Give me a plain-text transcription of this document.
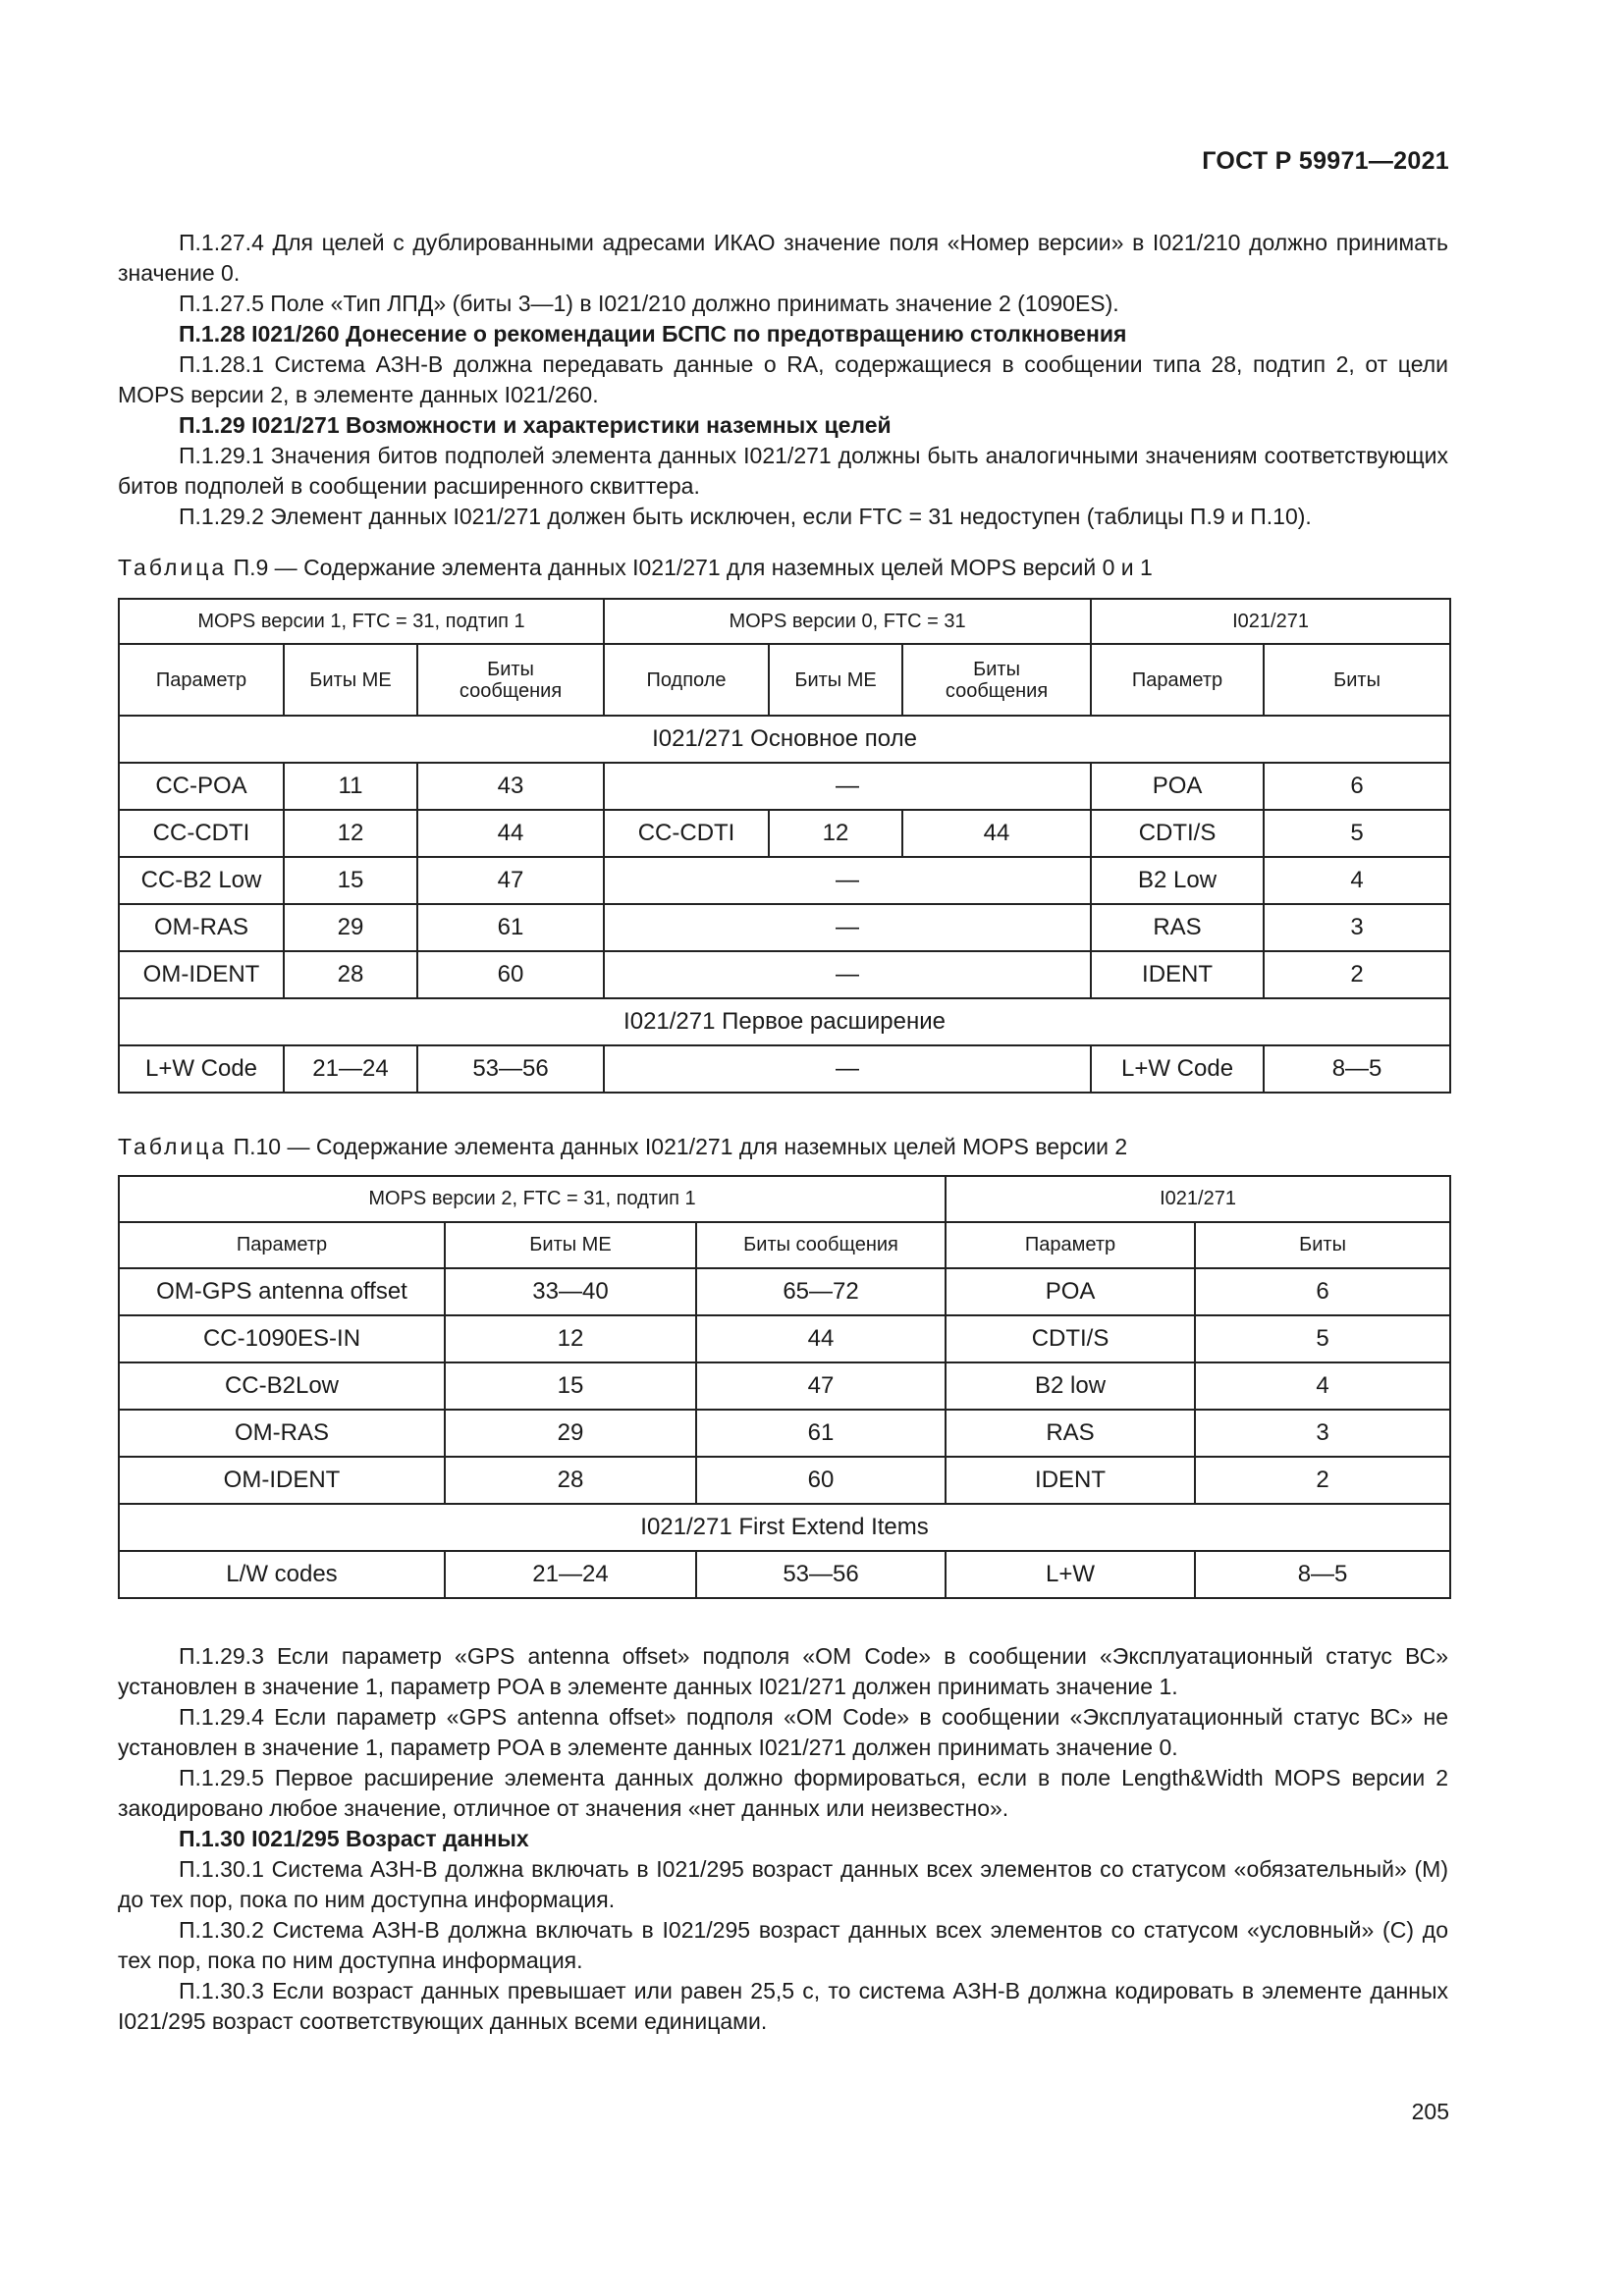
ГОСТ Р 59971—2021

П.1.27.4 Для целей с дублированными адресами ИКАО значение поля «Номер версии» в I021/210 должно принимать значение 0.

П.1.27.5 Поле «Тип ЛПД» (биты 3—1) в I021/210 должно принимать значение 2 (1090ES).

П.1.28 I021/260 Донесение о рекомендации БСПС по предотвращению столкновения

П.1.28.1 Система АЗН-В должна передавать данные о RA, содержащиеся в сообщении типа 28, подтип 2, от цели MOPS версии 2, в элементе данных I021/260.

П.1.29 I021/271 Возможности и характеристики наземных целей

П.1.29.1 Значения битов подполей элемента данных I021/271 должны быть аналогичными значениям соответствующих битов подполей в сообщении расширенного сквиттера.

П.1.29.2 Элемент данных I021/271 должен быть исключен, если FTC = 31 недоступен (таблицы П.9 и П.10).

Таблица П.9 — Содержание элемента данных I021/271 для наземных целей MOPS версий 0 и 1

MOPS версии 1, FTC = 31, подтип 1			MOPS версии 0, FTC = 31			I021/271	
Параметр	Биты ME	Биты сообщения	Подполе	Биты ME	Биты сообщения	Параметр	Биты
I021/271 Основное поле							
CC-POA	11	43	—			POA	6
CC-CDTI	12	44	CC-CDTI	12	44	CDTI/S	5
CC-B2 Low	15	47	—			B2 Low	4
OM-RAS	29	61	—			RAS	3
OM-IDENT	28	60	—			IDENT	2
I021/271 Первое расширение							
L+W Code	21—24	53—56	—			L+W Code	8—5

Таблица П.10 — Содержание элемента данных I021/271 для наземных целей MOPS версии 2

MOPS версии 2, FTC = 31, подтип 1			I021/271	
Параметр	Биты ME	Биты сообщения	Параметр	Биты
OM-GPS antenna offset	33—40	65—72	POA	6
CC-1090ES-IN	12	44	CDTI/S	5
CC-B2Low	15	47	B2 low	4
OM-RAS	29	61	RAS	3
OM-IDENT	28	60	IDENT	2
I021/271 First Extend Items				
L/W codes	21—24	53—56	L+W	8—5

П.1.29.3 Если параметр «GPS antenna offset» подполя «OM Code» в сообщении «Эксплуатационный статус ВС» установлен в значение 1, параметр POA в элементе данных I021/271 должен принимать значение 1.

П.1.29.4 Если параметр «GPS antenna offset» подполя «OM Code» в сообщении «Эксплуатационный статус ВС» не установлен в значение 1, параметр POA в элементе данных I021/271 должен принимать значение 0.

П.1.29.5 Первое расширение элемента данных должно формироваться, если в поле Length&Width MOPS версии 2 закодировано любое значение, отличное от значения «нет данных или неизвестно».

П.1.30 I021/295 Возраст данных

П.1.30.1 Система АЗН-В должна включать в I021/295 возраст данных всех элементов со статусом «обязательный» (М) до тех пор, пока по ним доступна информация.

П.1.30.2 Система АЗН-В должна включать в I021/295 возраст данных всех элементов со статусом «условный» (С) до тех пор, пока по ним доступна информация.

П.1.30.3 Если возраст данных превышает или равен 25,5 с, то система АЗН-В должна кодировать в элементе данных I021/295 возраст соответствующих данных всеми единицами.

205
